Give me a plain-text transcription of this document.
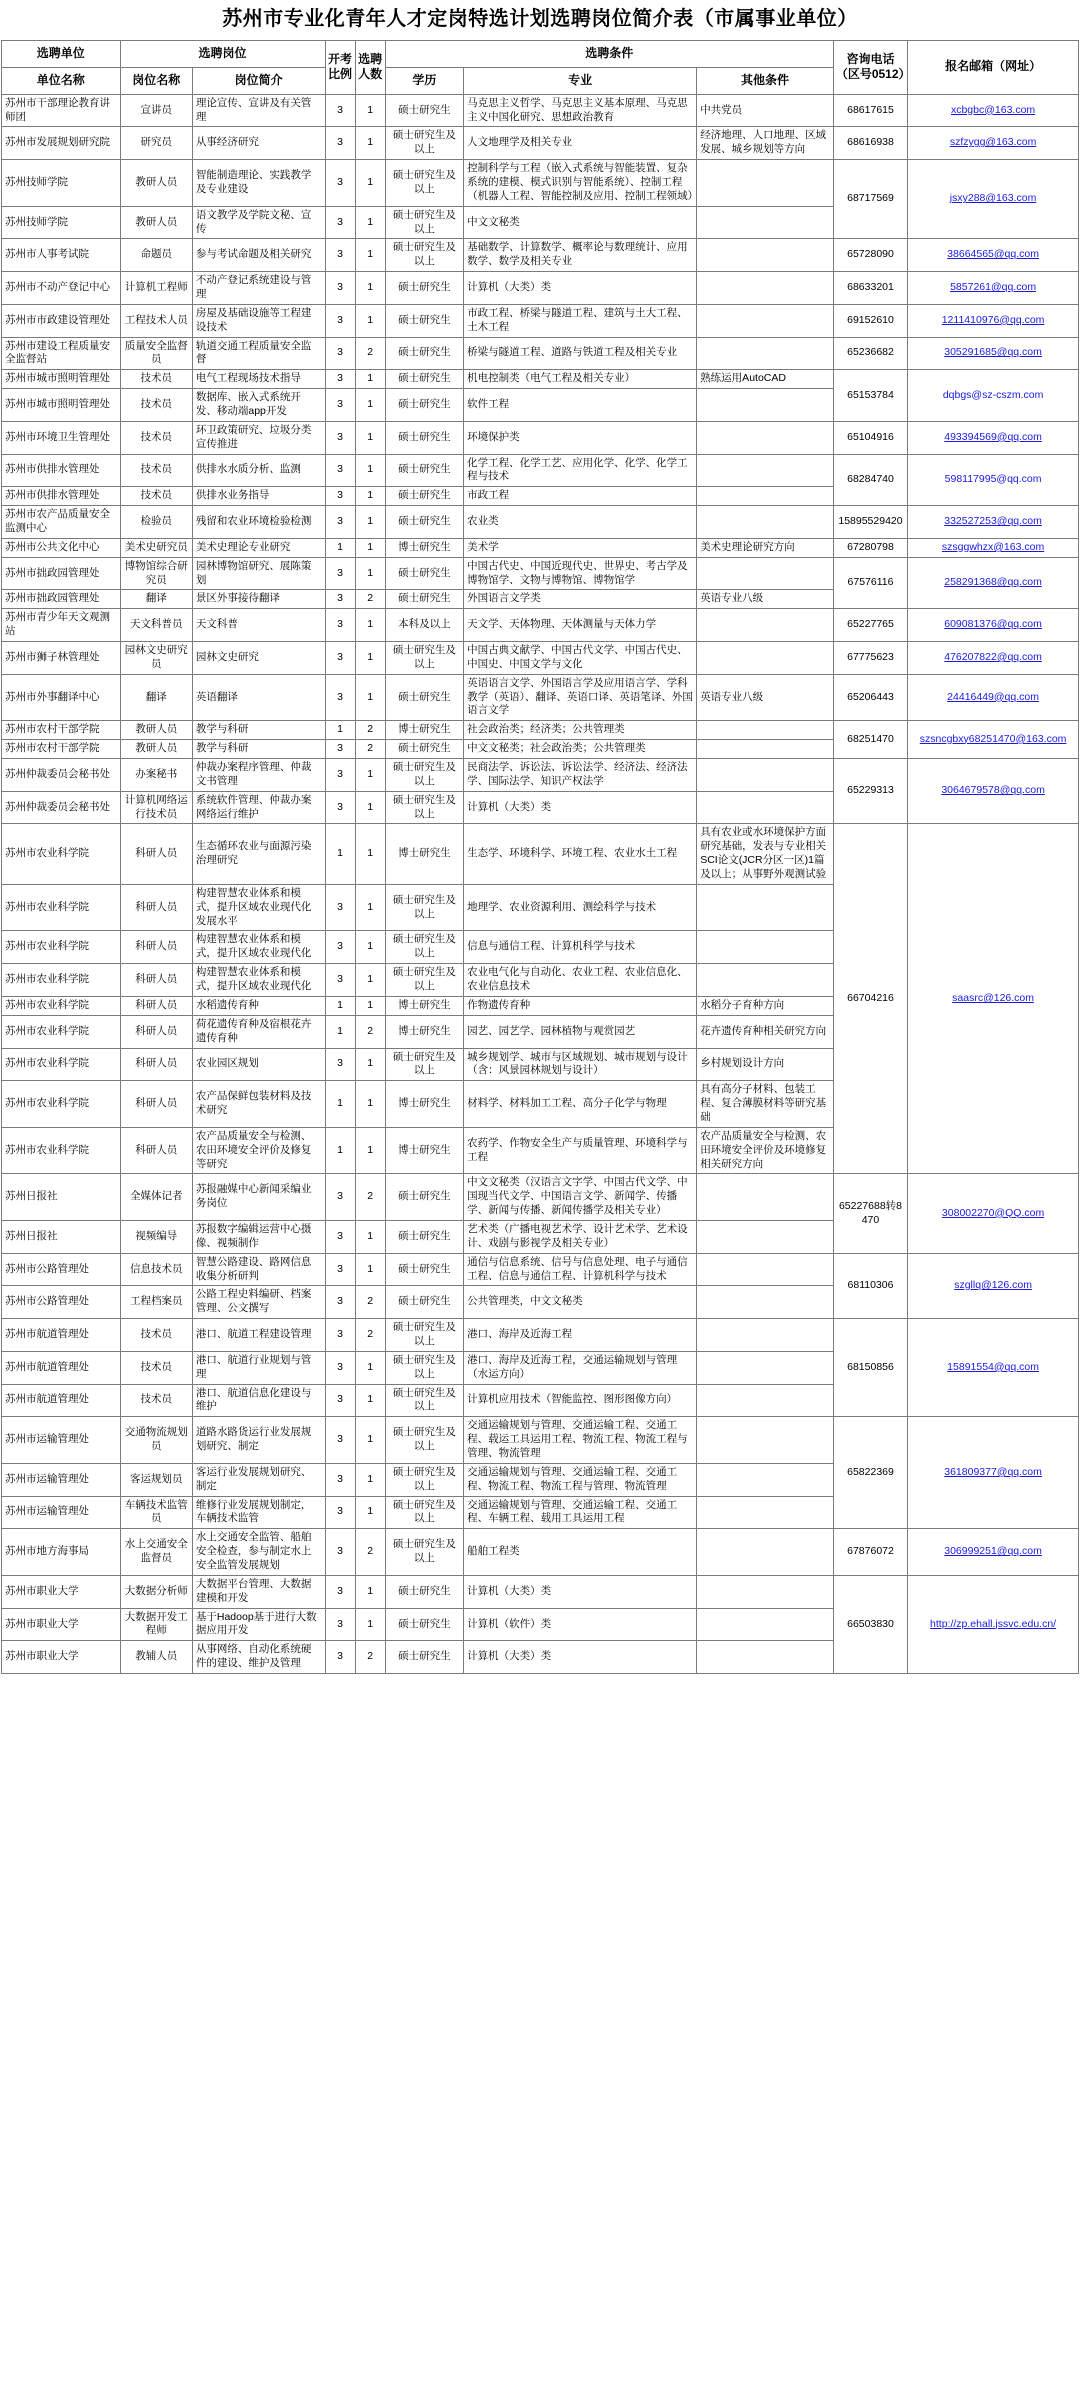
苏州市专业化青年人才定岗特选计划选聘岗位简介表（市属事业单位）
选聘单位	选聘岗位		开考比例	选聘人数	选聘条件			咨询电话（区号0512）	报名邮箱（网址）
单位名称	岗位名称	岗位简介			学历	专业	其他条件		
苏州市干部理论教育讲师团	宣讲员	理论宣传、宣讲及有关管理	3	1	硕士研究生	马克思主义哲学、马克思主义基本原理、马克思主义中国化研究、思想政治教育	中共党员	68617615	xcbgbc@163.com
苏州市发展规划研究院	研究员	从事经济研究	3	1	硕士研究生及以上	人文地理学及相关专业	经济地理、人口地理、区域发展、城乡规划等方向	68616938	szfzygg@163.com
苏州技师学院	教研人员	智能制造理论、实践教学及专业建设	3	1	硕士研究生及以上	控制科学与工程（嵌入式系统与智能装置、复杂系统的建模、模式识别与智能系统）、控制工程（机器人工程、智能控制及应用、控制工程领域）		68717569	jsxy288@163.com
苏州技师学院	教研人员	语文教学及学院文秘、宣传	3	1	硕士研究生及以上	中文文秘类			
苏州市人事考试院	命题员	参与考试命题及相关研究	3	1	硕士研究生及以上	基础数学、计算数学、概率论与数理统计、应用数学、数学及相关专业		65728090	38664565@qq.com
苏州市不动产登记中心	计算机工程师	不动产登记系统建设与管理	3	1	硕士研究生	计算机（大类）类		68633201	5857261@qq.com
苏州市市政建设管理处	工程技术人员	房屋及基础设施等工程建设技术	3	1	硕士研究生	市政工程、桥梁与隧道工程、建筑与土大工程、土木工程		69152610	1211410976@qq.com
苏州市建设工程质量安全监督站	质量安全监督员	轨道交通工程质量安全监督	3	2	硕士研究生	桥梁与隧道工程、道路与铁道工程及相关专业		65236682	305291685@qq.com
苏州市城市照明管理处	技术员	电气工程现场技术指导	3	1	硕士研究生	机电控制类（电气工程及相关专业）	熟练运用AutoCAD	65153784	dqbgs@sz-cszm.com
苏州市城市照明管理处	技术员	数据库、嵌入式系统开发、移动端app开发	3	1	硕士研究生	软件工程			
苏州市环境卫生管理处	技术员	环卫政策研究、垃圾分类宣传推进	3	1	硕士研究生	环境保护类		65104916	493394569@qq.com
苏州市供排水管理处	技术员	供排水水质分析、监测	3	1	硕士研究生	化学工程、化学工艺、应用化学、化学、化学工程与技术		68284740	598117995@qq.com
苏州市供排水管理处	技术员	供排水业务指导	3	1	硕士研究生	市政工程			
苏州市农产品质量安全监测中心	检验员	残留和农业环境检验检测	3	1	硕士研究生	农业类		15895529420	332527253@qq.com
苏州市公共文化中心	美术史研究员	美术史理论专业研究	1	1	博士研究生	美术学	美术史理论研究方向	67280798	szsggwhzx@163.com
苏州市拙政园管理处	博物馆综合研究员	园林博物馆研究、展陈策划	3	1	硕士研究生	中国古代史、中国近现代史、世界史、考古学及博物馆学、文物与博物馆、博物馆学		67576116	258291368@qq.com
苏州市拙政园管理处	翻译	景区外事接待翻译	3	2	硕士研究生	外国语言文学类	英语专业八级		
苏州市青少年天文观测站	天文科普员	天文科普	3	1	本科及以上	天文学、天体物理、天体测量与天体力学		65227765	609081376@qq.com
苏州市狮子林管理处	园林文史研究员	园林文史研究	3	1	硕士研究生及以上	中国古典文献学、中国古代文学、中国古代史、中国史、中国文学与文化		67775623	476207822@qq.com
苏州市外事翻译中心	翻译	英语翻译	3	1	硕士研究生	英语语言文学、外国语言学及应用语言学、学科教学（英语）、翻译、英语口译、英语笔译、外国语言文学	英语专业八级	65206443	24416449@qq.com
苏州市农村干部学院	教研人员	教学与科研	1	2	博士研究生	社会政治类；经济类；公共管理类		68251470	szsncgbxy68251470@163.com
苏州市农村干部学院	教研人员	教学与科研	3	2	硕士研究生	中文文秘类；社会政治类；公共管理类			
苏州仲裁委员会秘书处	办案秘书	仲裁办案程序管理、仲裁文书管理	3	1	硕士研究生及以上	民商法学、诉讼法、诉讼法学、经济法、经济法学、国际法学、知识产权法学		65229313	3064679578@qq.com
苏州仲裁委员会秘书处	计算机网络运行技术员	系统软件管理、仲裁办案网络运行维护	3	1	硕士研究生及以上	计算机（大类）类			
苏州市农业科学院	科研人员	生态循环农业与面源污染治理研究	1	1	博士研究生	生态学、环境科学、环境工程、农业水土工程	具有农业或水环境保护方面研究基础，发表与专业相关SCI论文(JCR分区一区)1篇及以上；从事野外观测试验	66704216	saasrc@126.com
苏州市农业科学院	科研人员	构建智慧农业体系和模式，提升区域农业现代化发展水平	3	1	硕士研究生及以上	地理学、农业资源利用、测绘科学与技术			
苏州市农业科学院	科研人员	构建智慧农业体系和模式，提升区域农业现代化	3	1	硕士研究生及以上	信息与通信工程、计算机科学与技术			
苏州市农业科学院	科研人员	构建智慧农业体系和模式，提升区域农业现代化	3	1	硕士研究生及以上	农业电气化与自动化、农业工程、农业信息化、农业信息技术			
苏州市农业科学院	科研人员	水稻遗传育种	1	1	博士研究生	作物遗传育种	水稻分子育种方向		
苏州市农业科学院	科研人员	荷花遗传育种及宿根花卉遗传育种	1	2	博士研究生	园艺、园艺学、园林植物与观赏园艺	花卉遗传育种相关研究方向		
苏州市农业科学院	科研人员	农业园区规划	3	1	硕士研究生及以上	城乡规划学、城市与区域规划、城市规划与设计（含：风景园林规划与设计）	乡村规划设计方向		
苏州市农业科学院	科研人员	农产品保鲜包装材料及技术研究	1	1	博士研究生	材料学、材料加工工程、高分子化学与物理	具有高分子材料、包装工程、复合薄膜材料等研究基础		
苏州市农业科学院	科研人员	农产品质量安全与检测、农田环境安全评价及修复等研究	1	1	博士研究生	农药学、作物安全生产与质量管理、环境科学与工程	农产品质量安全与检测、农田环境安全评价及环境修复相关研究方向		
苏州日报社	全媒体记者	苏报融媒中心新闻采编业务岗位	3	2	硕士研究生	中文文秘类（汉语言文字学、中国古代文学、中国现当代文学、中国语言文学、新闻学、传播学、新闻与传播、新闻传播学及相关专业）		65227688转8470	308002270@QQ.com
苏州日报社	视频编导	苏报数字编辑运营中心摄像、视频制作	3	1	硕士研究生	艺术类（广播电视艺术学、设计艺术学、艺术设计、戏剧与影视学及相关专业）			
苏州市公路管理处	信息技术员	智慧公路建设、路网信息收集分析研判	3	1	硕士研究生	通信与信息系统、信号与信息处理、电子与通信工程、信息与通信工程、计算机科学与技术		68110306	szgllq@126.com
苏州市公路管理处	工程档案员	公路工程史料编研、档案管理、公文撰写	3	2	硕士研究生	公共管理类，中文文秘类			
苏州市航道管理处	技术员	港口、航道工程建设管理	3	2	硕士研究生及以上	港口、海岸及近海工程		68150856	15891554@qq.com
苏州市航道管理处	技术员	港口、航道行业规划与管理	3	1	硕士研究生及以上	港口、海岸及近海工程，交通运输规划与管理（水运方向）			
苏州市航道管理处	技术员	港口、航道信息化建设与维护	3	1	硕士研究生及以上	计算机应用技术（智能监控、图形图像方向）			
苏州市运输管理处	交通物流规划员	道路水路货运行业发展规划研究、制定	3	1	硕士研究生及以上	交通运输规划与管理、交通运输工程、交通工程、载运工具运用工程、物流工程、物流工程与管理、物流管理		65822369	361809377@qq.com
苏州市运输管理处	客运规划员	客运行业发展规划研究、制定	3	1	硕士研究生及以上	交通运输规划与管理、交通运输工程、交通工程、物流工程、物流工程与管理、物流管理			
苏州市运输管理处	车辆技术监管员	维修行业发展规划制定，车辆技术监管	3	1	硕士研究生及以上	交通运输规划与管理、交通运输工程、交通工程、车辆工程、载用工具运用工程			
苏州市地方海事局	水上交通安全监督员	水上交通安全监管、船舶安全检查，参与制定水上安全监管发展规划	3	2	硕士研究生及以上	船舶工程类		67876072	306999251@qq.com
苏州市职业大学	大数据分析师	大数据平台管理、大数据建模和开发	3	1	硕士研究生	计算机（大类）类		66503830	http://zp.ehall.jssvc.edu.cn/
苏州市职业大学	大数据开发工程师	基于Hadoop基于进行大数据应用开发	3	1	硕士研究生	计算机（软件）类			
苏州市职业大学	教辅人员	从事网络、自动化系统硬件的建设、维护及管理	3	2	硕士研究生	计算机（大类）类			
